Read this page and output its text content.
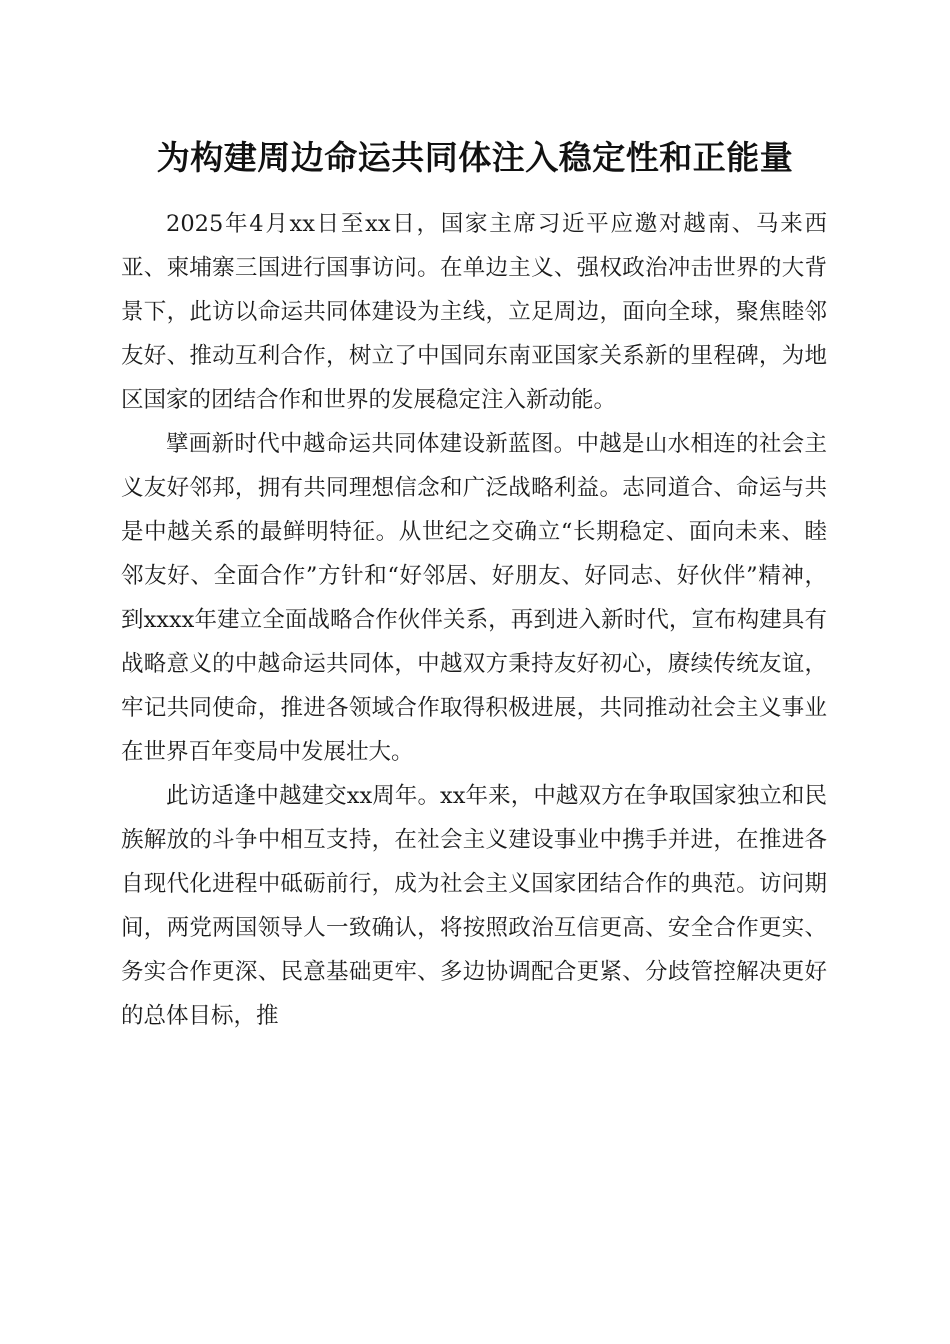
为构建周边命运共同体注入稳定性和正能量

2025年4月xx日至xx日，国家主席习近平应邀对越南、马来西亚、柬埔寨三国进行国事访问。在单边主义、强权政治冲击世界的大背景下，此访以命运共同体建设为主线，立足周边，面向全球，聚焦睦邻友好、推动互利合作，树立了中国同东南亚国家关系新的里程碑，为地区国家的团结合作和世界的发展稳定注入新动能。

擘画新时代中越命运共同体建设新蓝图。中越是山水相连的社会主义友好邻邦，拥有共同理想信念和广泛战略利益。志同道合、命运与共是中越关系的最鲜明特征。从世纪之交确立“长期稳定、面向未来、睦邻友好、全面合作”方针和“好邻居、好朋友、好同志、好伙伴”精神，到xxxx年建立全面战略合作伙伴关系，再到进入新时代，宣布构建具有战略意义的中越命运共同体，中越双方秉持友好初心，赓续传统友谊，牢记共同使命，推进各领域合作取得积极进展，共同推动社会主义事业在世界百年变局中发展壮大。

此访适逢中越建交xx周年。xx年来，中越双方在争取国家独立和民族解放的斗争中相互支持，在社会主义建设事业中携手并进，在推进各自现代化进程中砥砺前行，成为社会主义国家团结合作的典范。访问期间，两党两国领导人一致确认，将按照政治互信更高、安全合作更实、务实合作更深、民意基础更牢、多边协调配合更紧、分歧管控解决更好的总体目标，推
